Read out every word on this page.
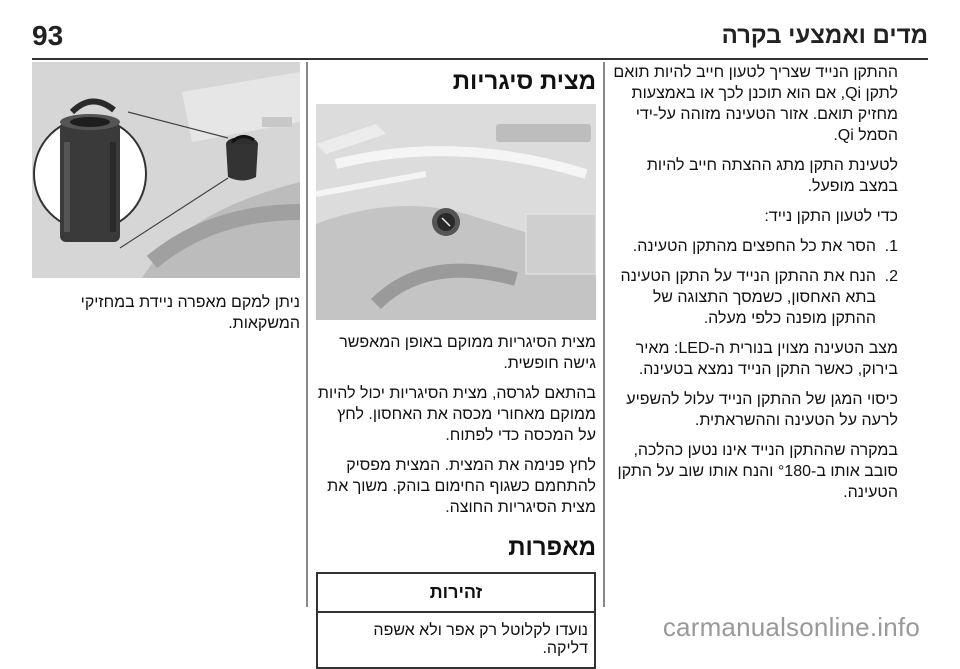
93	מדים ואמצעי בקרה

ההתקן הנייד שצריך לטעון חייב להיות תואם לתקן Qi, אם הוא תוכנן לכך או באמצעות מחזיק תואם. אזור הטעינה מזוהה על-ידי הסמל Qi.

לטעינת התקן מתג ההצתה חייב להיות במצב מופעל.

כדי לטעון התקן נייד:

1.
הסר את כל החפצים מהתקן הטעינה.
2.
הנח את ההתקן הנייד על התקן הטעינה בתא האחסון, כשמסך התצוגה של ההתקן מופנה כלפי מעלה.

מצב הטעינה מצוין בנורית ה-LED: מאיר בירוק, כאשר התקן הנייד נמצא בטעינה.

כיסוי המגן של ההתקן הנייד עלול להשפיע לרעה על הטעינה וההשראתית.

במקרה שההתקן הנייד אינו נטען כהלכה, סובב אותו ב-°180 והנח אותו שוב על התקן הטעינה.

מצית סיגריות

מצית הסיגריות ממוקם באופן המאפשר גישה חופשית.

בהתאם לגרסה, מצית הסיגריות יכול להיות ממוקם מאחורי מכסה את האחסון. לחץ על המכסה כדי לפתוח.

לחץ פנימה את המצית. המצית מפסיק להתחמם כשגוף החימום בוהק. משוך את מצית הסיגריות החוצה.

מאפרות
זהירות
נועדו לקלוטל רק אפר ולא אשפה דליקה.

ניתן למקם מאפרה ניידת במחזיקי המשקאות.

carmanualsonline.info
